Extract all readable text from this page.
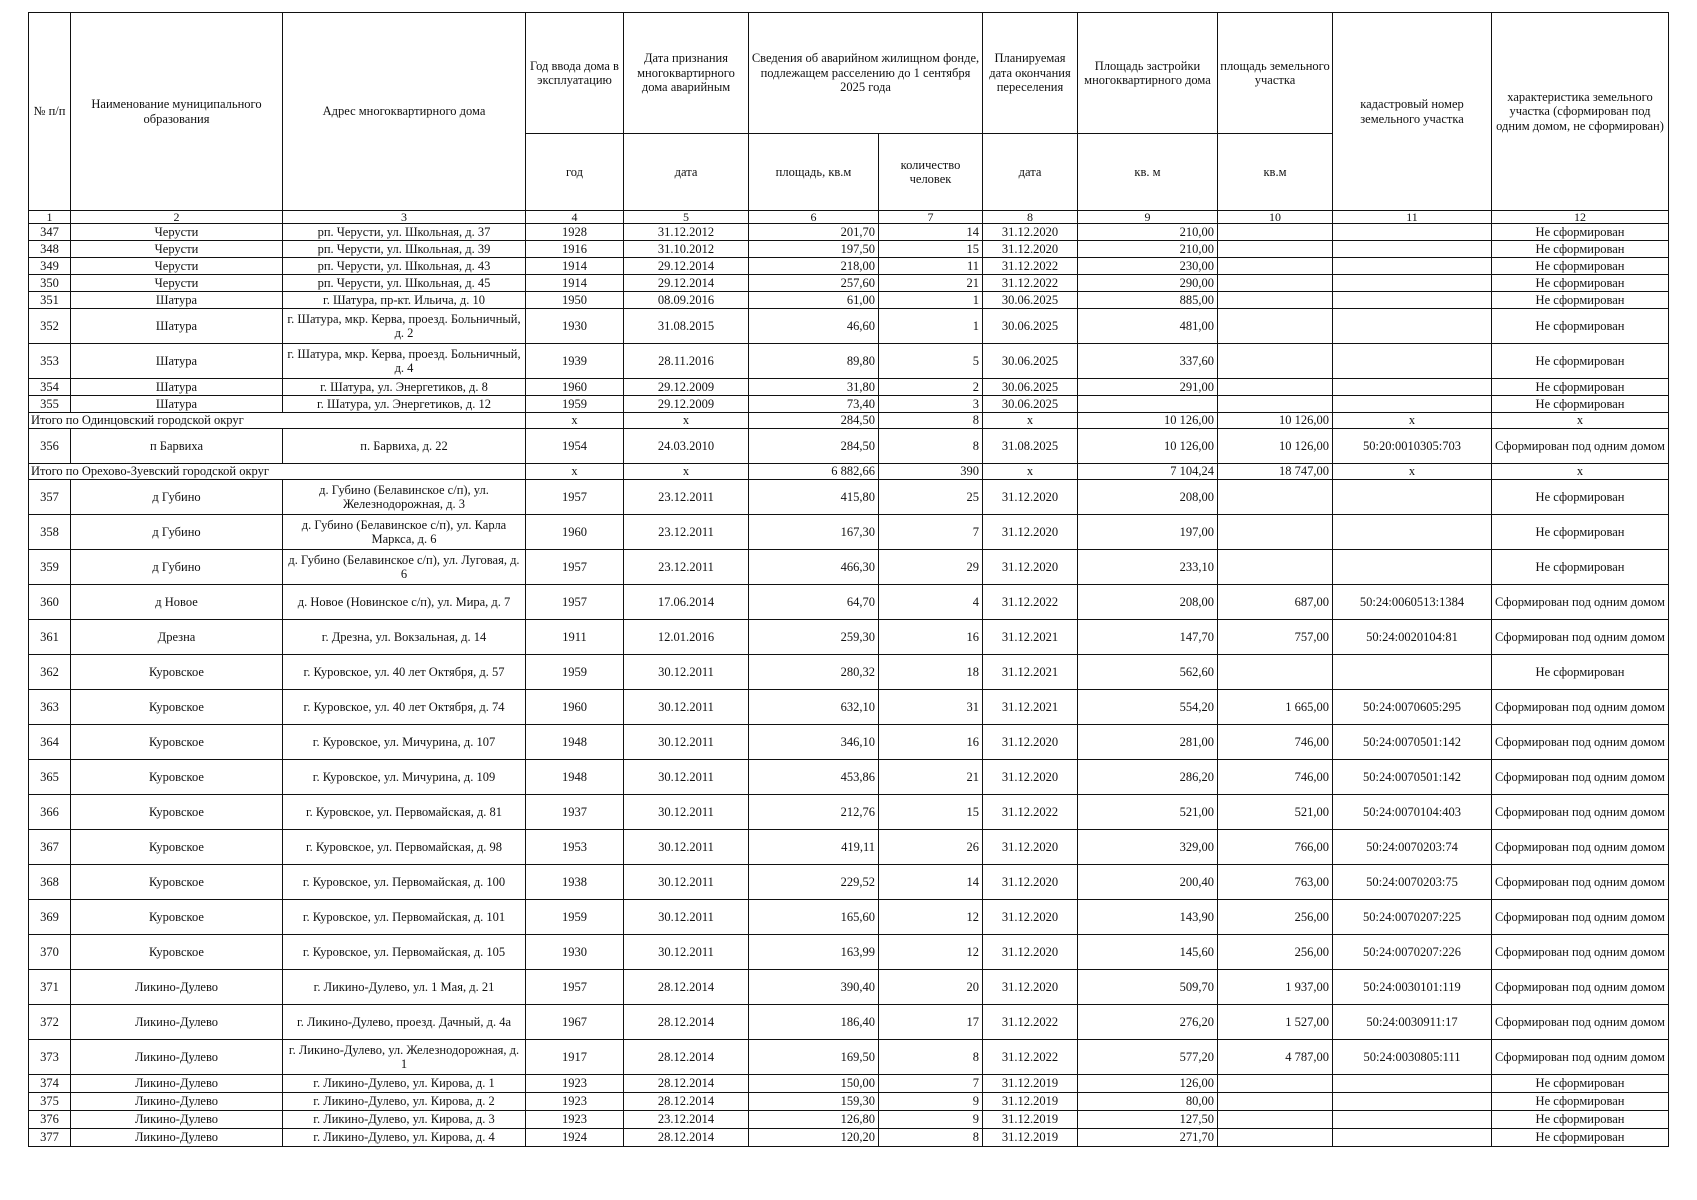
№ п/п	Наименование муниципального образования	Адрес многоквартирного дома	Год ввода дома в эксплуатацию	Дата признания многоквартирного дома аварийным	Сведения об аварийном жилищном фонде, подлежащем расселению до 1 сентября 2025 года		Планируемая дата окончания переселения	Площадь застройки многоквартирного дома	площадь земельного участка	кадастровый номер земельного участка	характеристика земельного участка (сформирован под одним домом, не сформирован)
			год	дата	площадь, кв.м	количество человек	дата	кв. м	кв.м		
1	2	3	4	5	6	7	8	9	10	11	12
347	Черусти	рп. Черусти, ул. Школьная, д. 37	1928	31.12.2012	201,70	14	31.12.2020	210,00			Не сформирован
348	Черусти	рп. Черусти, ул. Школьная, д. 39	1916	31.10.2012	197,50	15	31.12.2020	210,00			Не сформирован
349	Черусти	рп. Черусти, ул. Школьная, д. 43	1914	29.12.2014	218,00	11	31.12.2022	230,00			Не сформирован
350	Черусти	рп. Черусти, ул. Школьная, д. 45	1914	29.12.2014	257,60	21	31.12.2022	290,00			Не сформирован
351	Шатура	г. Шатура, пр-кт. Ильича, д. 10	1950	08.09.2016	61,00	1	30.06.2025	885,00			Не сформирован
352	Шатура	г. Шатура, мкр. Керва, проезд. Больничный, д. 2	1930	31.08.2015	46,60	1	30.06.2025	481,00			Не сформирован
353	Шатура	г. Шатура, мкр. Керва, проезд. Больничный, д. 4	1939	28.11.2016	89,80	5	30.06.2025	337,60			Не сформирован
354	Шатура	г. Шатура, ул. Энергетиков, д. 8	1960	29.12.2009	31,80	2	30.06.2025	291,00			Не сформирован
355	Шатура	г. Шатура, ул. Энергетиков, д. 12	1959	29.12.2009	73,40	3	30.06.2025				Не сформирован
Итого по Одинцовский городской округ			x	x	284,50	8	x	10 126,00	10 126,00	x	x
356	п Барвиха	п. Барвиха, д. 22	1954	24.03.2010	284,50	8	31.08.2025	10 126,00	10 126,00	50:20:0010305:703	Сформирован под одним домом
Итого по Орехово-Зуевский городской округ			x	x	6 882,66	390	x	7 104,24	18 747,00	x	x
357	д Губино	д. Губино (Белавинское с/п), ул. Железнодорожная, д. 3	1957	23.12.2011	415,80	25	31.12.2020	208,00			Не сформирован
358	д Губино	д. Губино (Белавинское с/п), ул. Карла Маркса, д. 6	1960	23.12.2011	167,30	7	31.12.2020	197,00			Не сформирован
359	д Губино	д. Губино (Белавинское с/п), ул. Луговая, д. 6	1957	23.12.2011	466,30	29	31.12.2020	233,10			Не сформирован
360	д Новое	д. Новое (Новинское с/п), ул. Мира, д. 7	1957	17.06.2014	64,70	4	31.12.2022	208,00	687,00	50:24:0060513:1384	Сформирован под одним домом
361	Дрезна	г. Дрезна, ул. Вокзальная, д. 14	1911	12.01.2016	259,30	16	31.12.2021	147,70	757,00	50:24:0020104:81	Сформирован под одним домом
362	Куровское	г. Куровское, ул. 40 лет Октября, д. 57	1959	30.12.2011	280,32	18	31.12.2021	562,60			Не сформирован
363	Куровское	г. Куровское, ул. 40 лет Октября, д. 74	1960	30.12.2011	632,10	31	31.12.2021	554,20	1 665,00	50:24:0070605:295	Сформирован под одним домом
364	Куровское	г. Куровское, ул. Мичурина, д. 107	1948	30.12.2011	346,10	16	31.12.2020	281,00	746,00	50:24:0070501:142	Сформирован под одним домом
365	Куровское	г. Куровское, ул. Мичурина, д. 109	1948	30.12.2011	453,86	21	31.12.2020	286,20	746,00	50:24:0070501:142	Сформирован под одним домом
366	Куровское	г. Куровское, ул. Первомайская, д. 81	1937	30.12.2011	212,76	15	31.12.2022	521,00	521,00	50:24:0070104:403	Сформирован под одним домом
367	Куровское	г. Куровское, ул. Первомайская, д. 98	1953	30.12.2011	419,11	26	31.12.2020	329,00	766,00	50:24:0070203:74	Сформирован под одним домом
368	Куровское	г. Куровское, ул. Первомайская, д. 100	1938	30.12.2011	229,52	14	31.12.2020	200,40	763,00	50:24:0070203:75	Сформирован под одним домом
369	Куровское	г. Куровское, ул. Первомайская, д. 101	1959	30.12.2011	165,60	12	31.12.2020	143,90	256,00	50:24:0070207:225	Сформирован под одним домом
370	Куровское	г. Куровское, ул. Первомайская, д. 105	1930	30.12.2011	163,99	12	31.12.2020	145,60	256,00	50:24:0070207:226	Сформирован под одним домом
371	Ликино-Дулево	г. Ликино-Дулево, ул. 1 Мая, д. 21	1957	28.12.2014	390,40	20	31.12.2020	509,70	1 937,00	50:24:0030101:119	Сформирован под одним домом
372	Ликино-Дулево	г. Ликино-Дулево, проезд. Дачный, д. 4а	1967	28.12.2014	186,40	17	31.12.2022	276,20	1 527,00	50:24:0030911:17	Сформирован под одним домом
373	Ликино-Дулево	г. Ликино-Дулево, ул. Железнодорожная, д. 1	1917	28.12.2014	169,50	8	31.12.2022	577,20	4 787,00	50:24:0030805:111	Сформирован под одним домом
374	Ликино-Дулево	г. Ликино-Дулево, ул. Кирова, д. 1	1923	28.12.2014	150,00	7	31.12.2019	126,00			Не сформирован
375	Ликино-Дулево	г. Ликино-Дулево, ул. Кирова, д. 2	1923	28.12.2014	159,30	9	31.12.2019	80,00			Не сформирован
376	Ликино-Дулево	г. Ликино-Дулево, ул. Кирова, д. 3	1923	23.12.2014	126,80	9	31.12.2019	127,50			Не сформирован
377	Ликино-Дулево	г. Ликино-Дулево, ул. Кирова, д. 4	1924	28.12.2014	120,20	8	31.12.2019	271,70			Не сформирован
